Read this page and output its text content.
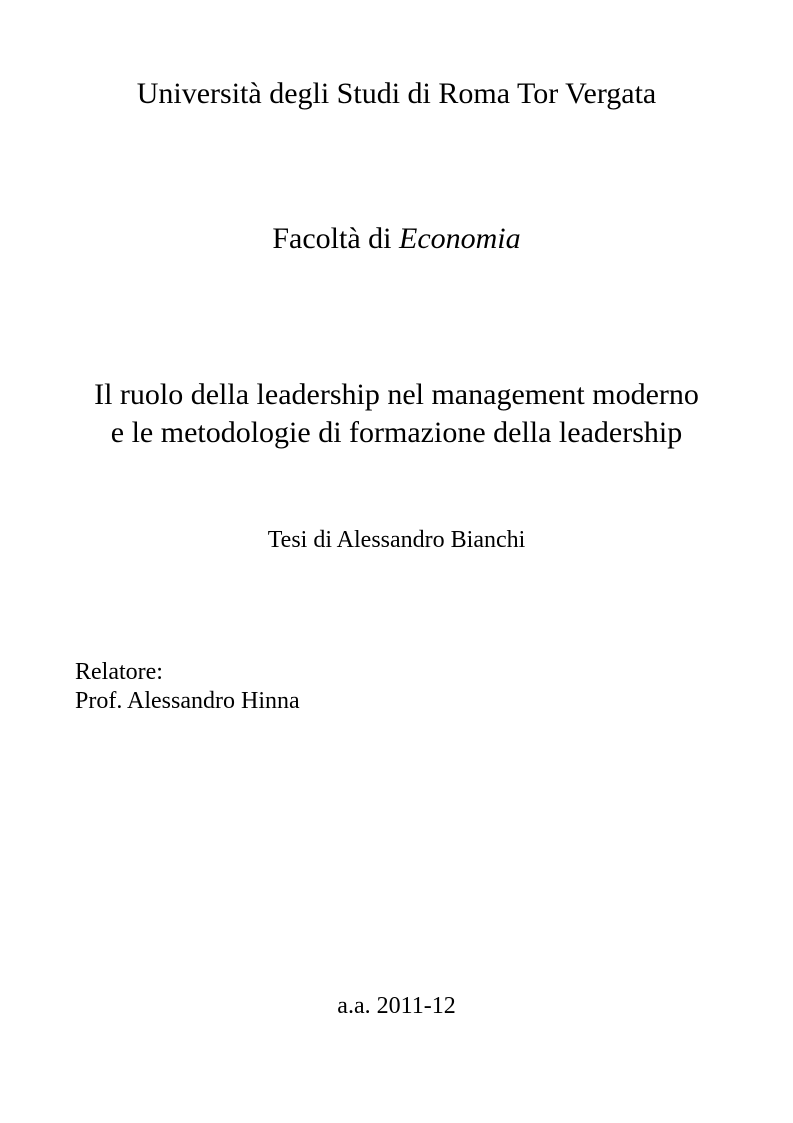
Università degli Studi di Roma Tor Vergata
Facoltà di Economia
Il ruolo della leadership nel management moderno
e le metodologie di formazione della leadership
Tesi di Alessandro Bianchi
Relatore:
Prof. Alessandro Hinna
a.a. 2011-12
